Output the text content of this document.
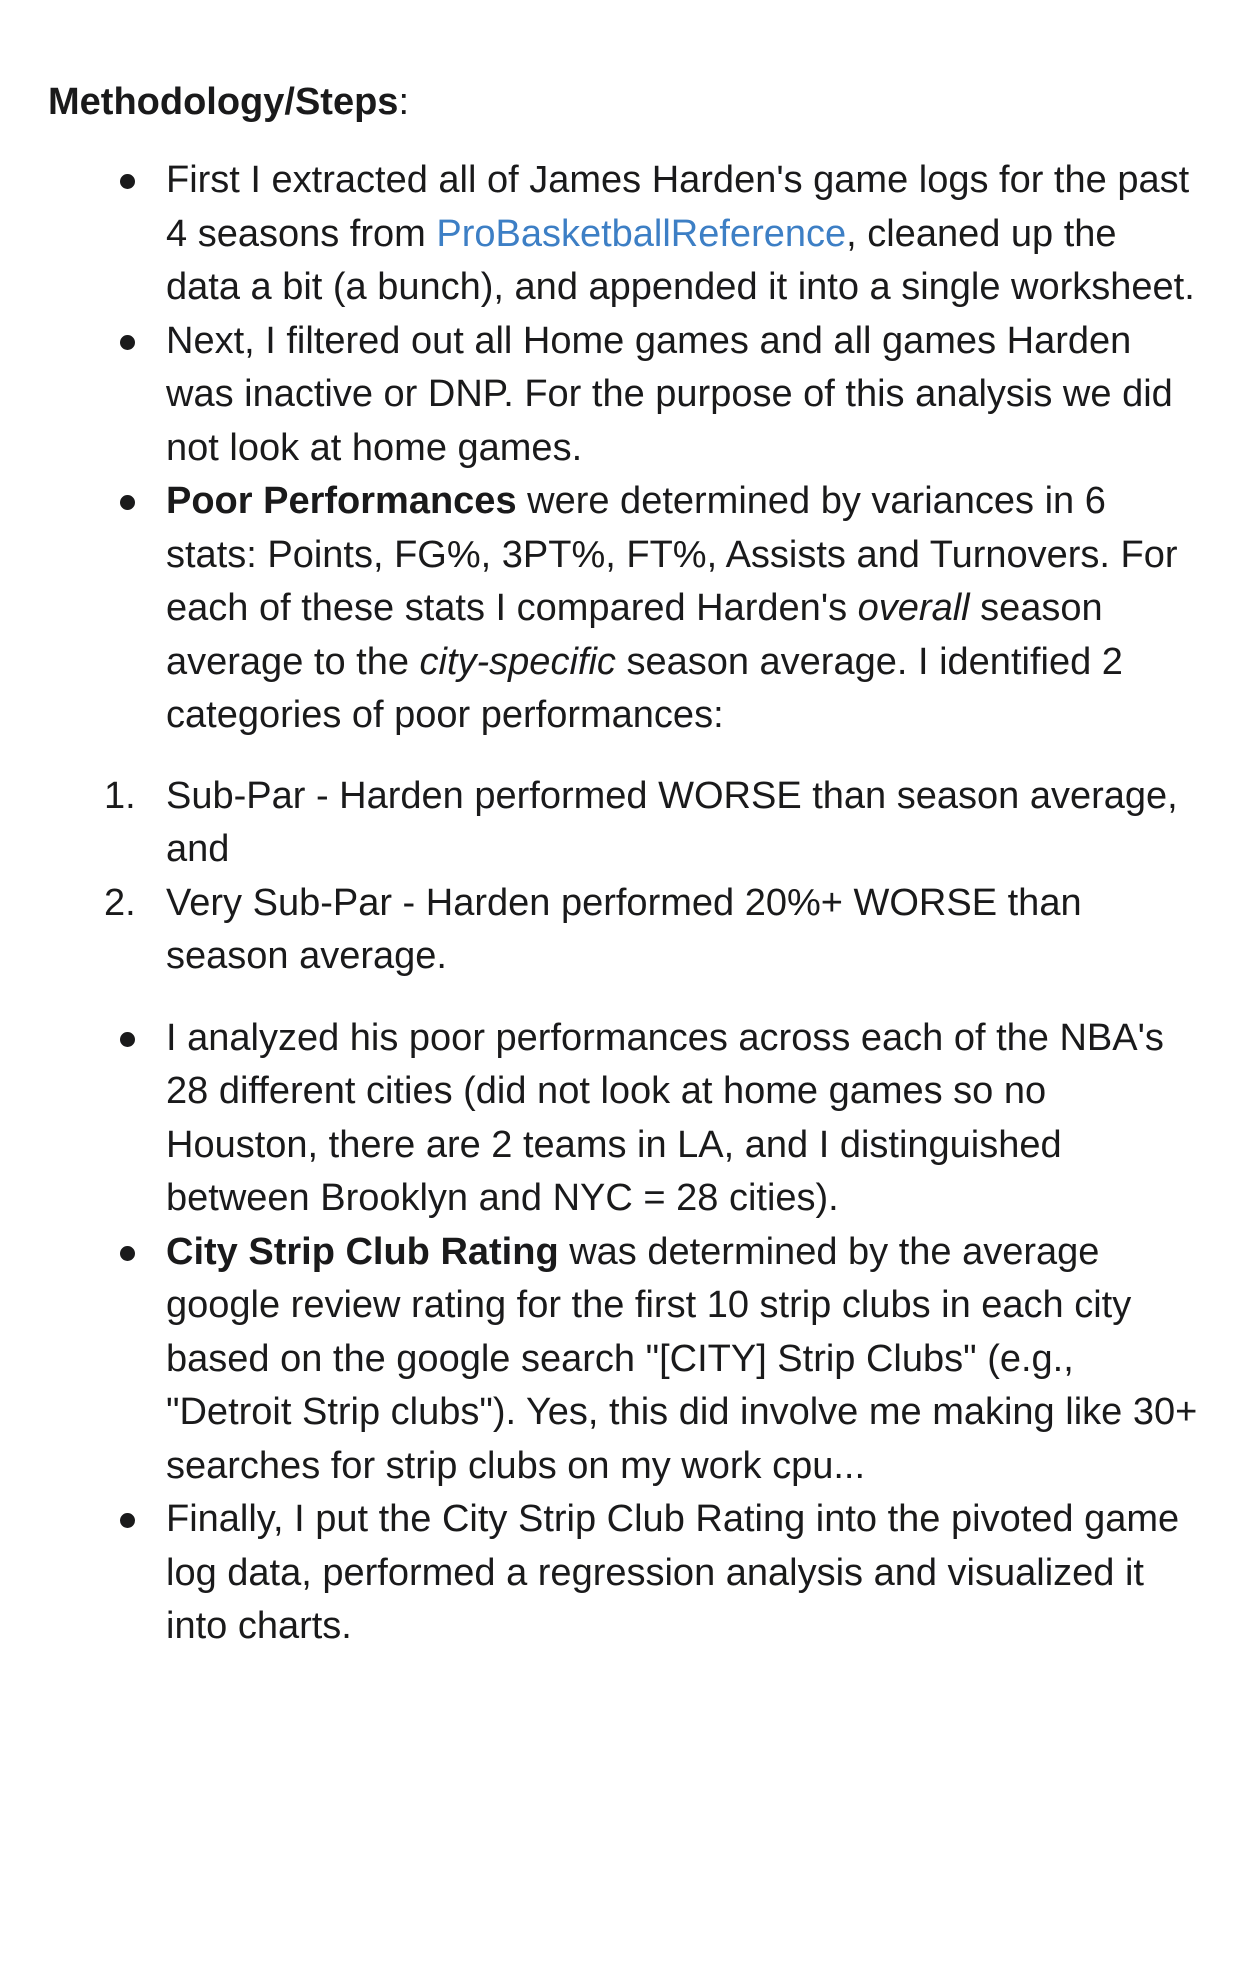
Methodology/Steps:

First I extracted all of James Harden's game logs for the past 4 seasons from ProBasketballReference, cleaned up the data a bit (a bunch), and appended it into a single worksheet.
Next, I filtered out all Home games and all games Harden was inactive or DNP. For the purpose of this analysis we did not look at home games.
Poor Performances were determined by variances in 6 stats: Points, FG%, 3PT%, FT%, Assists and Turnovers. For each of these stats I compared Harden's overall season average to the city-specific season average. I identified 2 categories of poor performances:
1. Sub-Par - Harden performed WORSE than season average, and
2. Very Sub-Par - Harden performed 20%+ WORSE than season average.
I analyzed his poor performances across each of the NBA's 28 different cities (did not look at home games so no Houston, there are 2 teams in LA, and I distinguished between Brooklyn and NYC = 28 cities).
City Strip Club Rating was determined by the average google review rating for the first 10 strip clubs in each city based on the google search "[CITY] Strip Clubs" (e.g., "Detroit Strip clubs"). Yes, this did involve me making like 30+ searches for strip clubs on my work cpu...
Finally, I put the City Strip Club Rating into the pivoted game log data, performed a regression analysis and visualized it into charts.
